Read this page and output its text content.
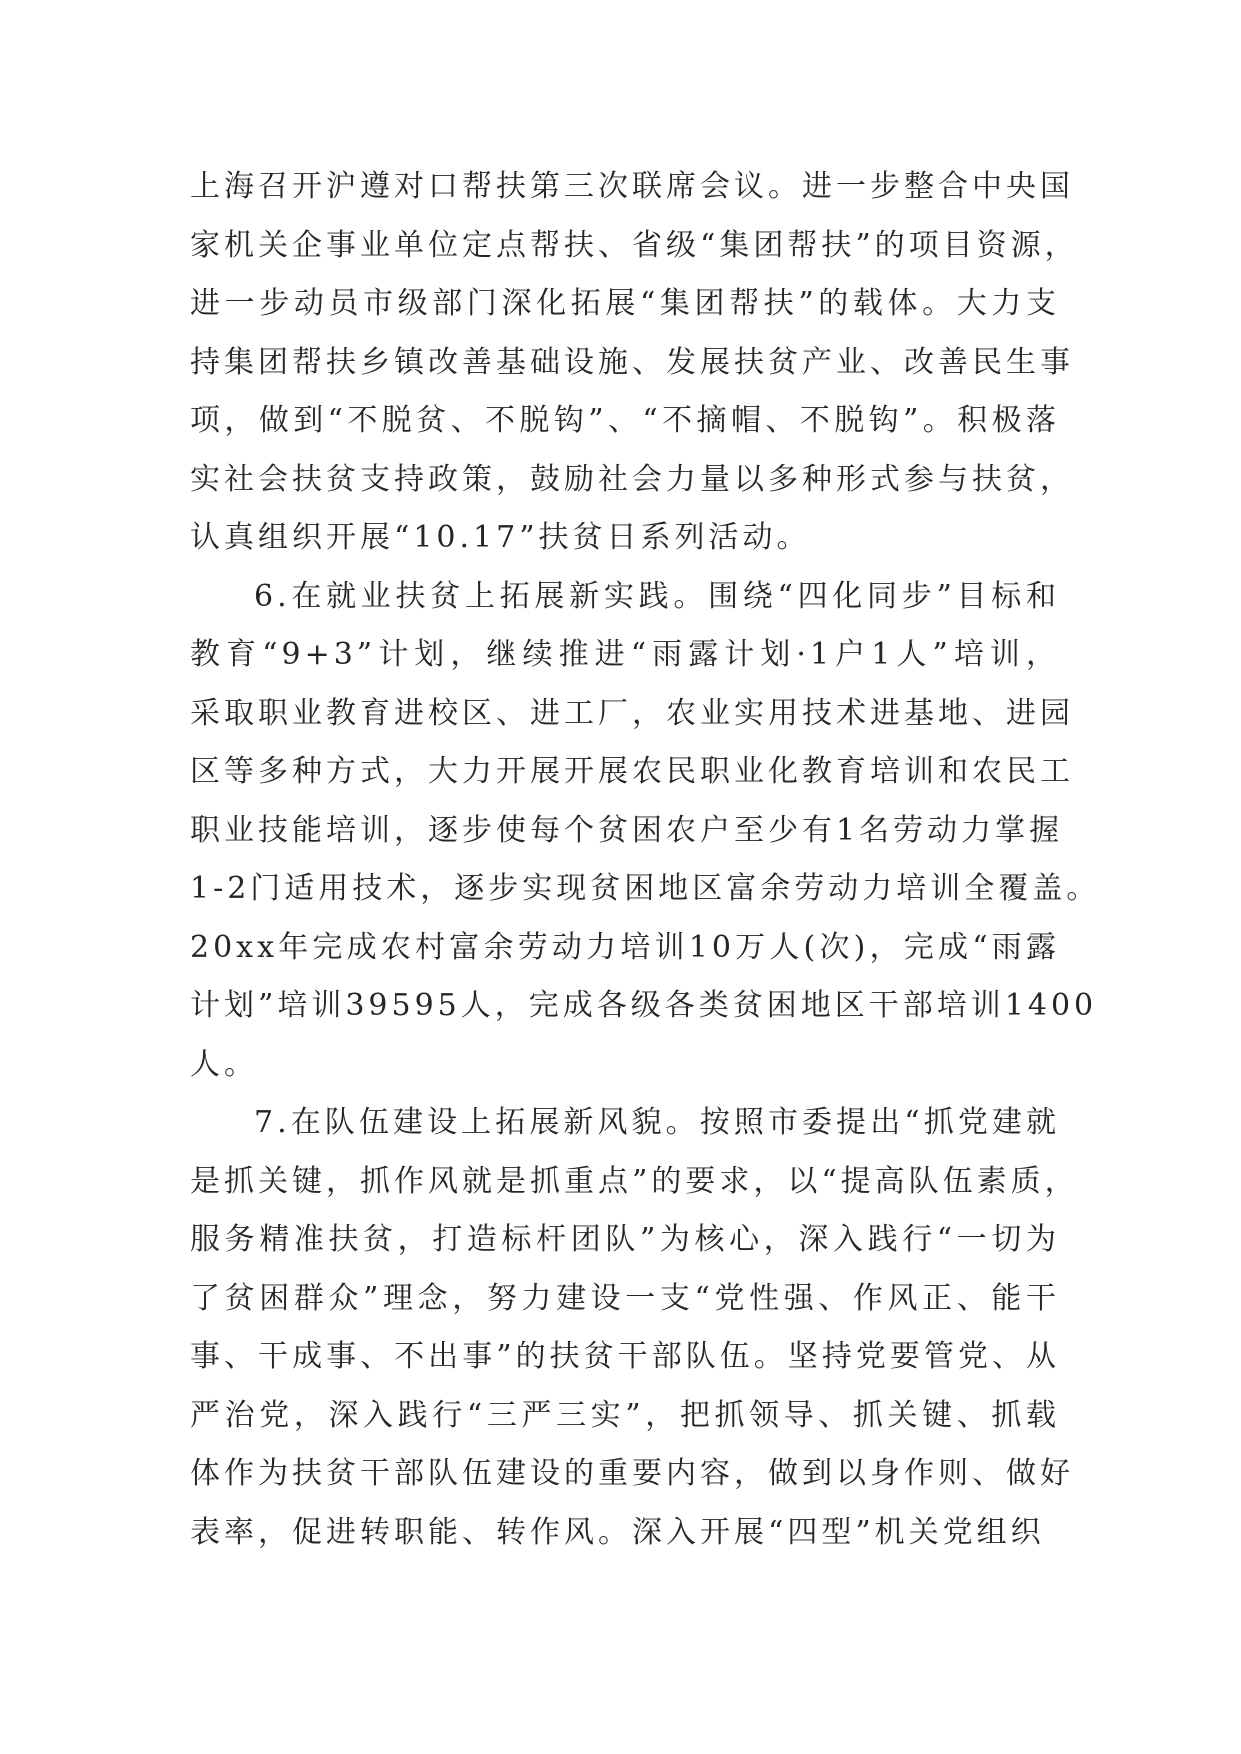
上海召开沪遵对口帮扶第三次联席会议。进一步整合中央国
家机关企事业单位定点帮扶、省级“集团帮扶”的项目资源，
进一步动员市级部门深化拓展“集团帮扶”的载体。大力支
持集团帮扶乡镇改善基础设施、发展扶贫产业、改善民生事
项，做到“不脱贫、不脱钩”、“不摘帽、不脱钩”。积极落
实社会扶贫支持政策，鼓励社会力量以多种形式参与扶贫，
认真组织开展“10.17”扶贫日系列活动。
6.在就业扶贫上拓展新实践。围绕“四化同步”目标和
教育“9+3”计划，继续推进“雨露计划·1户1人”培训，
采取职业教育进校区、进工厂，农业实用技术进基地、进园
区等多种方式，大力开展开展农民职业化教育培训和农民工
职业技能培训，逐步使每个贫困农户至少有1名劳动力掌握
1-2门适用技术，逐步实现贫困地区富余劳动力培训全覆盖。
20xx年完成农村富余劳动力培训10万人(次)，完成“雨露
计划”培训39595人，完成各级各类贫困地区干部培训1400
人。
7.在队伍建设上拓展新风貌。按照市委提出“抓党建就
是抓关键，抓作风就是抓重点”的要求，以“提高队伍素质，
服务精准扶贫，打造标杆团队”为核心，深入践行“一切为
了贫困群众”理念，努力建设一支“党性强、作风正、能干
事、干成事、不出事”的扶贫干部队伍。坚持党要管党、从
严治党，深入践行“三严三实”，把抓领导、抓关键、抓载
体作为扶贫干部队伍建设的重要内容，做到以身作则、做好
表率，促进转职能、转作风。深入开展“四型”机关党组织
